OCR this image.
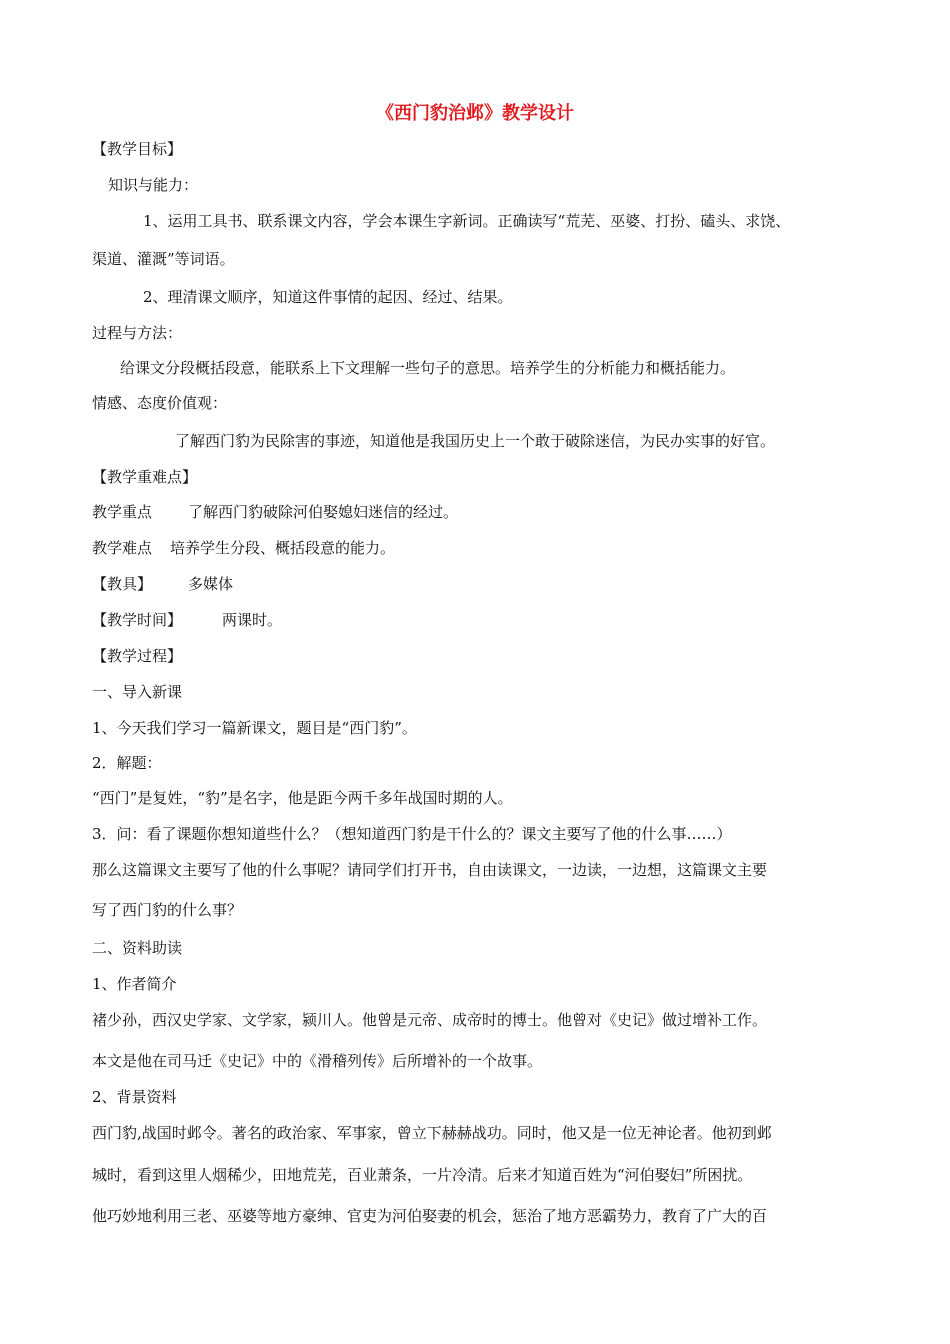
《西门豹治邺》教学设计
【教学目标】
知识与能力：
1、运用工具书、联系课文内容，学会本课生字新词。正确读写“荒芜、巫婆、打扮、磕头、求饶、
渠道、灌溉”等词语。
2、理清课文顺序，知道这件事情的起因、经过、结果。
过程与方法：
给课文分段概括段意，能联系上下文理解一些句子的意思。培养学生的分析能力和概括能力。
情感、态度价值观：
了解西门豹为民除害的事迹，知道他是我国历史上一个敢于破除迷信，为民办实事的好官。
【教学重难点】
教学重点 了解西门豹破除河伯娶媳妇迷信的经过。
教学难点 培养学生分段、概括段意的能力。
【教具】 多媒体
【教学时间】	两课时。
【教学过程】
一、导入新课
1、今天我们学习一篇新课文，题目是“西门豹”。
2．解题：
“西门”是复姓，“豹”是名字，他是距今两千多年战国时期的人。
3．问：看了课题你想知道些什么？（想知道西门豹是干什么的？课文主要写了他的什么事……）
那么这篇课文主要写了他的什么事呢？请同学们打开书，自由读课文，一边读，一边想，这篇课文主要
写了西门豹的什么事？
二、资料助读
1、作者简介
褚少孙，西汉史学家、文学家，颍川人。他曾是元帝、成帝时的博士。他曾对《史记》做过增补工作。
本文是他在司马迁《史记》中的《滑稽列传》后所增补的一个故事。
2、背景资料
西门豹,战国时邺令。著名的政治家、军事家，曾立下赫赫战功。同时，他又是一位无神论者。他初到邺
城时，看到这里人烟稀少，田地荒芜，百业萧条，一片冷清。后来才知道百姓为“河伯娶妇”所困扰。
他巧妙地利用三老、巫婆等地方豪绅、官吏为河伯娶妻的机会，惩治了地方恶霸势力，教育了广大的百
